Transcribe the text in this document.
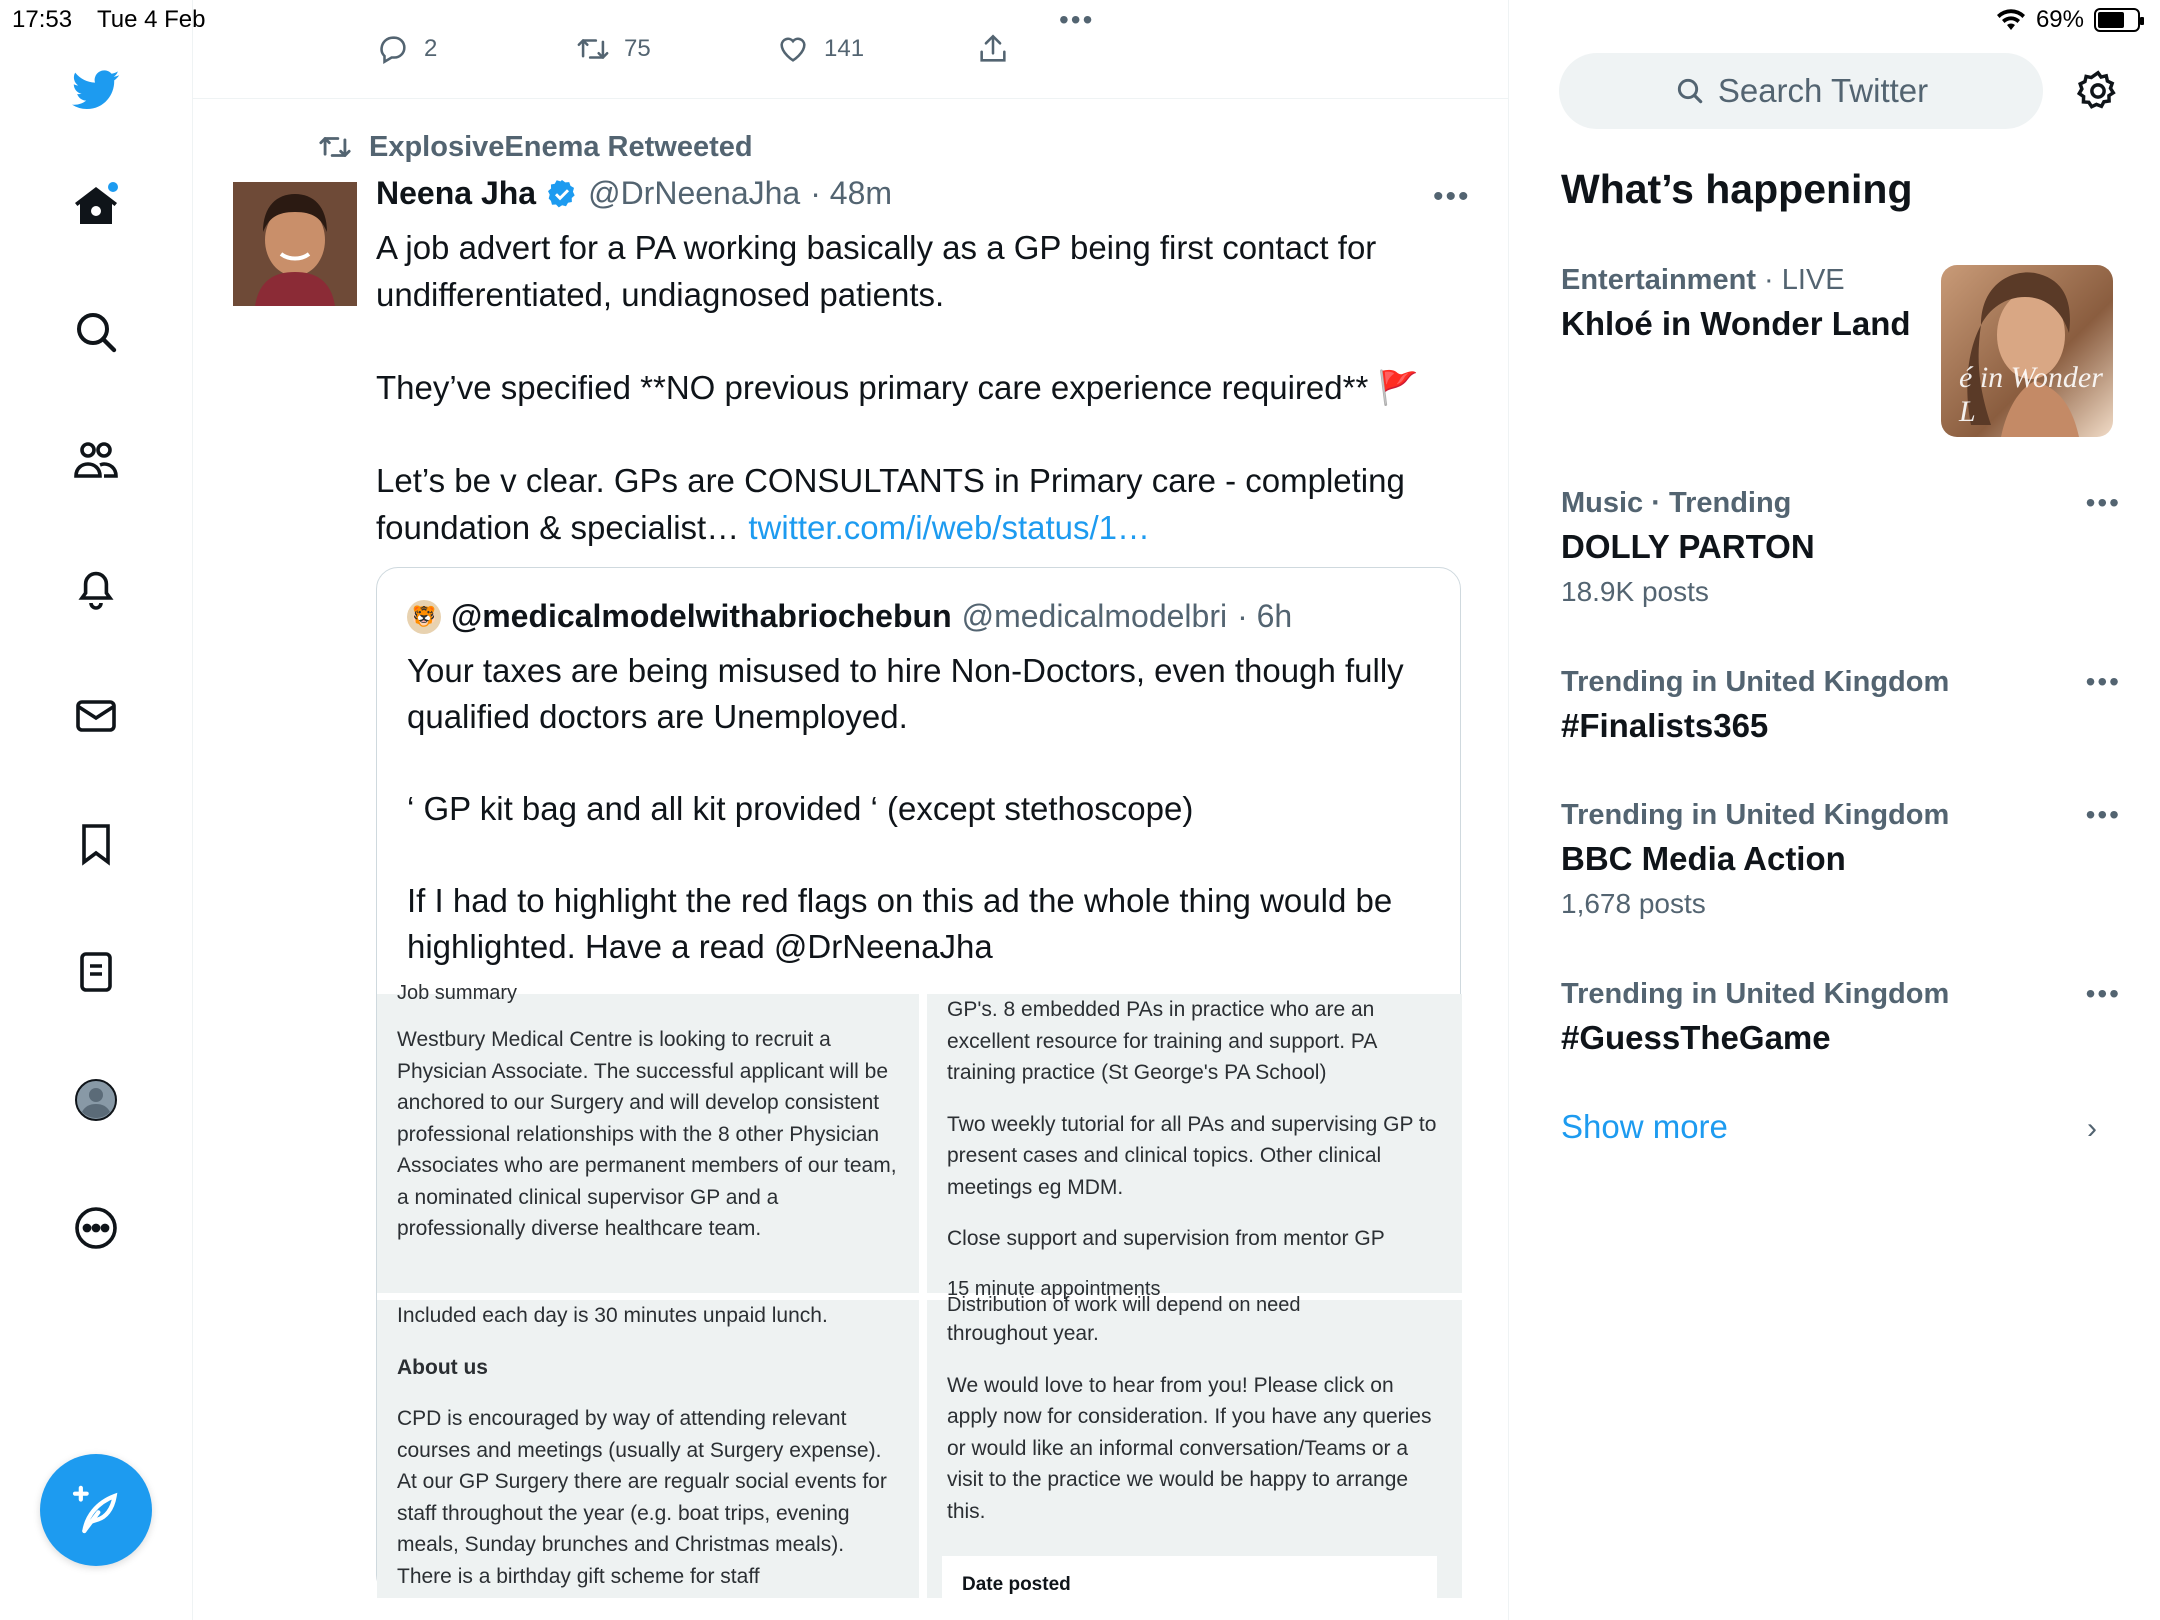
17:53 Tue 4 Feb	69%
•••
2	75	141
ExplosiveEnema Retweeted
Neena Jha @DrNeenaJha · 48m	•••

A job advert for a PA working basically as a GP being first contact for undifferentiated, undiagnosed patients.

They’ve specified **NO previous primary care experience required** 🚩

Let’s be v clear. GPs are CONSULTANTS in Primary care - completing foundation & specialist… twitter.com/i/web/status/1…

🐯 @medicalmodelwithabriochebun @medicalmodelbri · 6h

Your taxes are being misused to hire Non-Doctors, even though fully qualified doctors are Unemployed.

‘ GP kit bag and all kit provided ‘ (except stethoscope)

If I had to highlight the red flags on this ad the whole thing would be highlighted. Have a read @DrNeenaJha

Job summary

Westbury Medical Centre is looking to recruit a Physician Associate. The successful applicant will be anchored to our Surgery and will develop consistent professional relationships with the 8 other Physician Associates who are permanent members of our team, a nominated clinical supervisor GP and a professionally diverse healthcare team.

GP's. 8 embedded PAs in practice who are an excellent resource for training and support. PA training practice (St George's PA School)

Two weekly tutorial for all PAs and supervising GP to present cases and clinical topics. Other clinical meetings eg MDM.

Close support and supervision from mentor GP

15 minute appointments

Included each day is 30 minutes unpaid lunch.

About us

CPD is encouraged by way of attending relevant courses and meetings (usually at Surgery expense). At our GP Surgery there are regualr social events for staff throughout the year (e.g. boat trips, evening meals, Sunday brunches and Christmas meals). There is a birthday gift scheme for staff

Distribution of work will depend on need

throughout year.

We would love to hear from you! Please click on apply now for consideration. If you have any queries or would like an informal conversation/Teams or a visit to the practice we would be happy to arrange this.

Date posted
Search Twitter
What’s happening
Entertainment · LIVE
Khloé in Wonder Land
é in Wonder L
Music · Trending
DOLLY PARTON
18.9K posts
•••
Trending in United Kingdom
#Finalists365
•••
Trending in United Kingdom
BBC Media Action
1,678 posts
•••
Trending in United Kingdom
#GuessTheGame
•••
Show more	›
